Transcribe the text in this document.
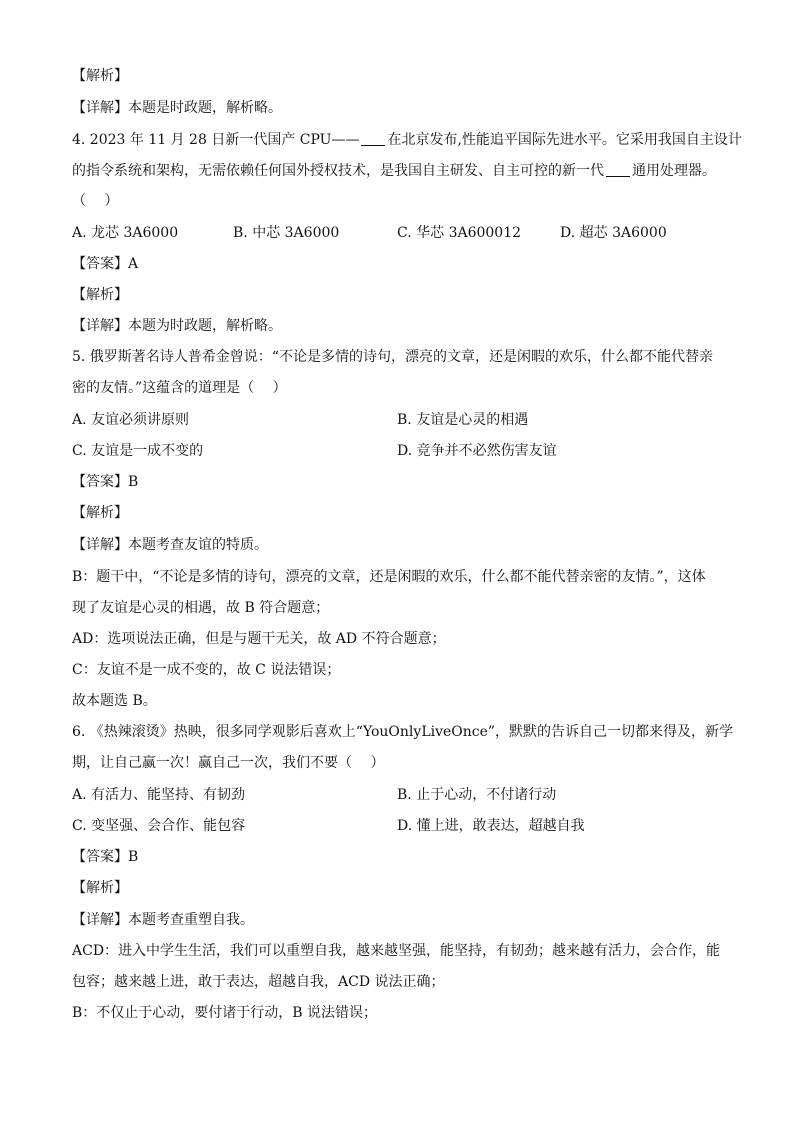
【解析】
【详解】本题是时政题，解析略。
4. 2023 年 11 月 28 日新一代国产 CPU—— 在北京发布,性能追平国际先进水平。它采用我国自主设计
的指令系统和架构，无需依赖任何国外授权技术，是我国自主研发、自主可控的新一代 通用处理器。
（　 ）
A. 龙芯 3A6000	B. 中芯 3A6000	C. 华芯 3A600012	D. 超芯 3A6000
【答案】A
【解析】
【详解】本题为时政题，解析略。
5. 俄罗斯著名诗人普希金曾说：“不论是多情的诗句，漂亮的文章，还是闲暇的欢乐，什么都不能代替亲
密的友情。”这蕴含的道理是（　 ）
A. 友谊必须讲原则	B. 友谊是心灵的相遇
C. 友谊是一成不变的	D. 竞争并不必然伤害友谊
【答案】B
【解析】
【详解】本题考查友谊的特质。
B：题干中，“不论是多情的诗句，漂亮的文章，还是闲暇的欢乐，什么都不能代替亲密的友情。”，这体
现了友谊是心灵的相遇，故 B 符合题意；
AD：选项说法正确，但是与题干无关，故 AD 不符合题意；
C：友谊不是一成不变的，故 C 说法错误；
故本题选 B。
6. 《热辣滚烫》热映，很多同学观影后喜欢上“YouOnlyLiveOnce”，默默的告诉自己一切都来得及，新学
期，让自己赢一次！赢自己一次，我们不要（　 ）
A. 有活力、能坚持、有韧劲	B. 止于心动，不付诸行动
C. 变坚强、会合作、能包容	D. 懂上进，敢表达，超越自我
【答案】B
【解析】
【详解】本题考查重塑自我。
ACD：进入中学生生活，我们可以重塑自我，越来越坚强，能坚持，有韧劲；越来越有活力，会合作，能
包容；越来越上进，敢于表达，超越自我，ACD 说法正确；
B：不仅止于心动，要付诸于行动，B 说法错误；
